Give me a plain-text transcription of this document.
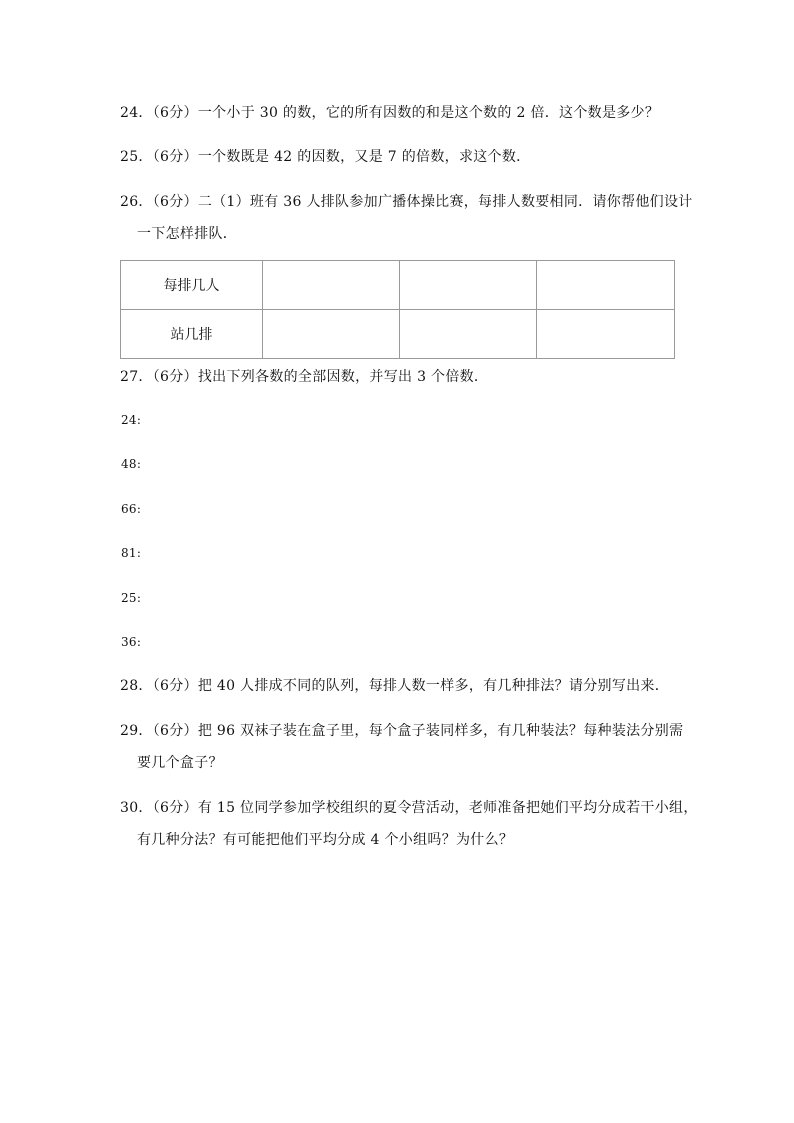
24．（6分）一个小于 30 的数，它的所有因数的和是这个数的 2 倍．这个数是多少？
25．（6分）一个数既是 42 的因数，又是 7 的倍数，求这个数．
26．（6分）二（1）班有 36 人排队参加广播体操比赛，每排人数要相同．请你帮他们设计
一下怎样排队．
每排几人			
站几排			
27．（6分）找出下列各数的全部因数，并写出 3 个倍数．
24:
48:
66:
81:
25:
36:
28．（6分）把 40 人排成不同的队列，每排人数一样多，有几种排法？请分别写出来．
29．（6分）把 96 双袜子装在盒子里，每个盒子装同样多，有几种装法？每种装法分别需
要几个盒子？
30．（6分）有 15 位同学参加学校组织的夏令营活动，老师准备把她们平均分成若干小组，
有几种分法？有可能把他们平均分成 4 个小组吗？为什么？
